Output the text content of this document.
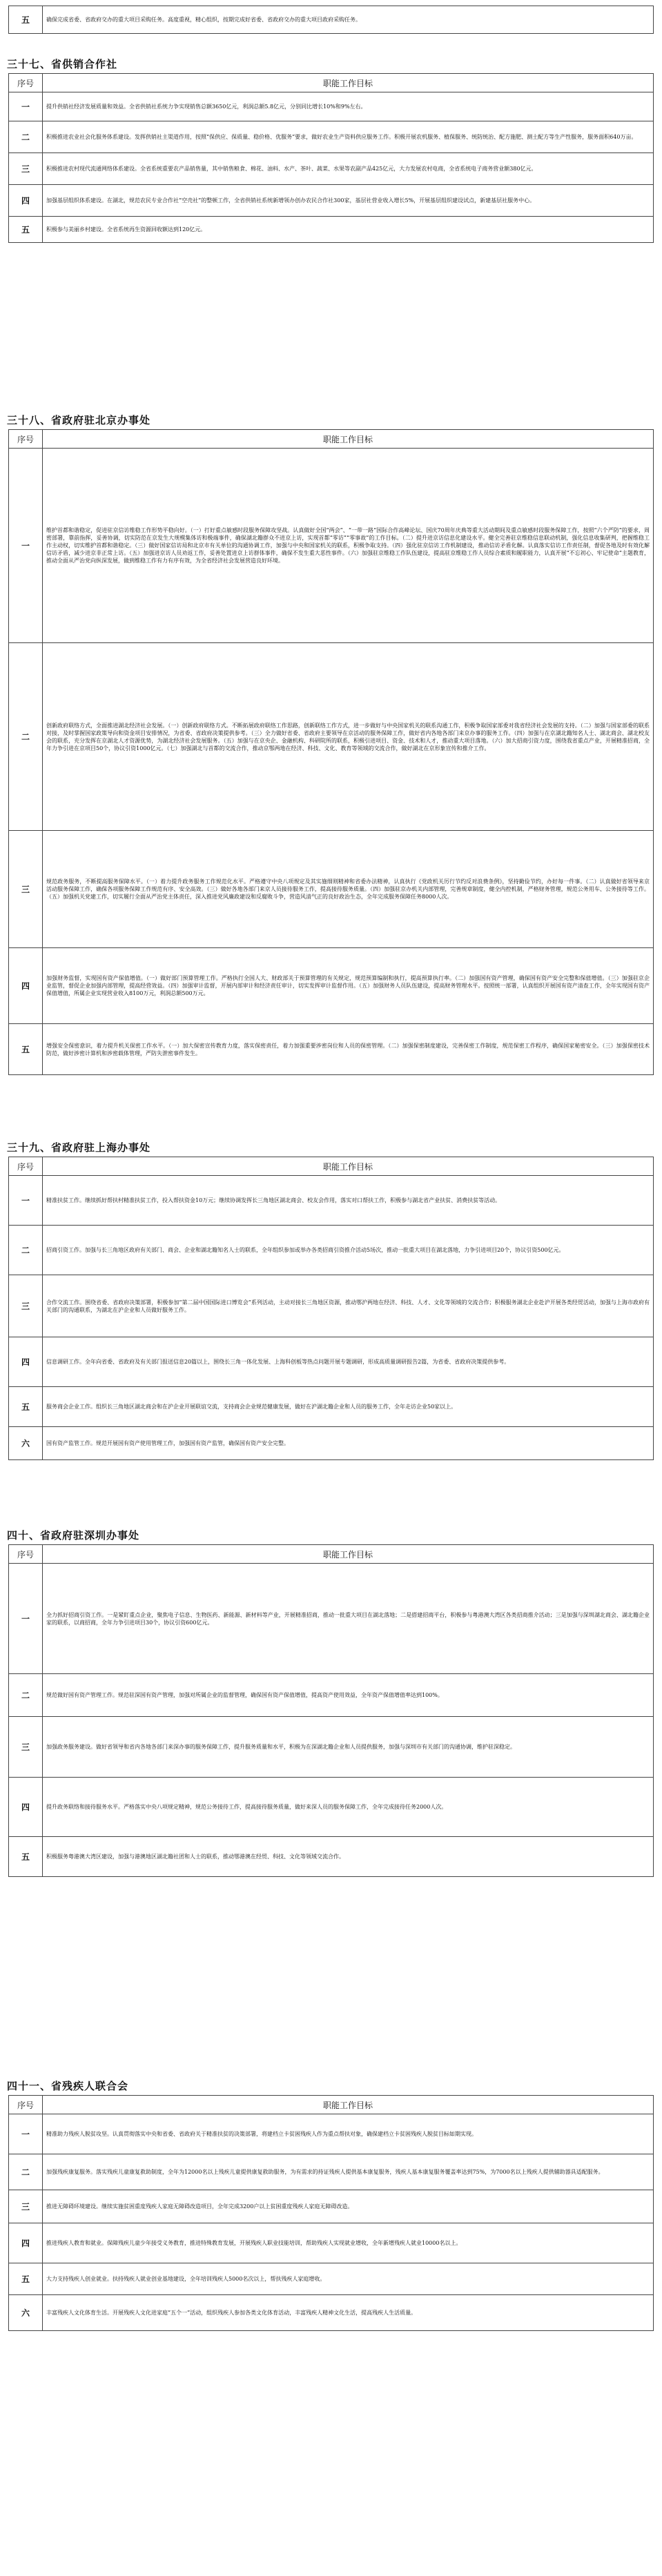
五	确保完成省委、省政府交办的重大项目采购任务。高度重视，精心组织，按期完成好省委、省政府交办的重大项目政府采购任务。
三十七、省供销合作社
序号	职能工作目标
一	提升供销社经济发展质量和效益。全省供销社系统力争实现销售总额3650亿元，利润总额5.8亿元，分别同比增长10%和9%左右。
二	积极推进农业社会化服务体系建设。发挥供销社主渠道作用，按照“保供应、保质量、稳价格、优服务”要求，做好农业生产资料供应服务工作。积极开展农机服务、植保服务、统防统治、配方施肥、测土配方等生产性服务，服务面积640万亩。
三	积极推进农村现代流通网络体系建设。全省系统重要农产品销售量，其中销售粮食、棉花、油料、水产、茶叶、蔬菜、水果等农副产品425亿元，大力发展农村电商，全省系统电子商务营业额380亿元。
四	加强基层组织体系建设。在湖北，规范农民专业合作社“空壳社”的整顿工作，全省供销社系统新增领办创办农民合作社300家，基层社营业收入增长5%，开展基层组织建设试点，新建基层社服务中心。
五	积极参与美丽乡村建设。全省系统再生资源回收额达到120亿元。
三十八、省政府驻北京办事处
序号	职能工作目标
一	维护首都和谐稳定，促进驻京信访维稳工作形势平稳向好。（一）打好重点敏感时段服务保障攻坚战。认真做好全国“两会”、“一带一路”国际合作高峰论坛、国庆70周年庆典等重大活动期间及重点敏感时段服务保障工作，按照“六个严防”的要求，周密部署，靠前指挥，妥善协调，切实防范在京发生大规模集体访和极端事件，确保湖北籍群众不进京上访，实现首都“零访”“零事故”的工作目标。（二）提升进京访信息化建设水平。健全完善驻京维稳信息联动机制，强化信息收集研判，把握维稳工作主动权，切实维护首都和谐稳定。（三）做好国家信访局和北京市有关单位的沟通协调工作，加强与中央和国家机关的联系，积极争取支持。（四）强化驻京信访工作机制建设，推动信访矛盾化解。认真落实信访工作责任制，督促各地及时有效化解信访矛盾，减少进京非正常上访。（五）加强进京访人员劝返工作，妥善处置进京上访群体事件，确保不发生重大恶性事件。（六）加强驻京维稳工作队伍建设，提高驻京维稳工作人员综合素质和履职能力，认真开展“不忘初心、牢记使命”主题教育，推动全面从严治党向纵深发展，做到维稳工作有力有序有效，为全省经济社会发展营造良好环境。
二	创新政府联络方式，全面推进湖北经济社会发展。（一）创新政府联络方式。不断拓展政府联络工作思路，创新联络工作方式，进一步做好与中央国家机关的联系沟通工作，积极争取国家部委对我省经济社会发展的支持。（二）加强与国家部委的联系对接，及时掌握国家政策导向和资金项目安排情况，为省委、省政府决策提供参考。（三）全力做好省委、省政府主要领导在京活动的服务保障工作，做好省内各地各部门来京办事的服务工作。（四）加强与在京湖北籍知名人士、湖北商会、湖北校友会的联系，充分发挥在京湖北人才资源优势，为湖北经济社会发展服务。（五）加强与在京央企、金融机构、科研院所的联系，积极引进项目、资金、技术和人才，推动重大项目落地。（六）加大招商引资力度，围绕我省重点产业，开展精准招商，全年力争引进在京项目50个，协议引资1000亿元。（七）加强湖北与首都的交流合作，推动京鄂两地在经济、科技、文化、教育等领域的交流合作，做好湖北在京形象宣传和推介工作。
三	规范政务服务，不断提高服务保障水平。（一）着力提升政务服务工作规范化水平。严格遵守中央八项规定及其实施细则精神和省委办法精神，认真执行《党政机关厉行节约反对浪费条例》，坚持勤俭节约，办好每一件事。（二）认真做好省领导来京活动服务保障工作，确保各项服务保障工作规范有序、安全高效。（三）做好各地各部门来京人员接待服务工作，提高接待服务质量。（四）加强驻京办机关内部管理，完善规章制度，健全内控机制，严格财务管理，规范公务用车、公务接待等工作。（五）加强机关党建工作，切实履行全面从严治党主体责任，深入推进党风廉政建设和反腐败斗争，营造风清气正的良好政治生态，全年完成服务保障任务8000人次。
四	加强财务监督，实现国有资产保值增值。（一）做好部门预算管理工作。严格执行全国人大、财政部关于预算管理的有关规定，规范预算编制和执行，提高预算执行率。（二）加强国有资产管理，确保国有资产安全完整和保值增值。（三）加强驻京企业监管，督促企业加强内部管理，提高经营效益。（四）加强审计监督，开展内部审计和经济责任审计，切实发挥审计监督作用。（五）加强财务人员队伍建设，提高财务管理水平。按照统一部署，认真组织开展国有资产清查工作，全年实现国有资产保值增值，所属企业实现营业收入8100万元，利润总额500万元。
五	增强安全保密意识，着力提升机关保密工作水平。（一）加大保密宣传教育力度，落实保密责任，着力加强重要涉密岗位和人员的保密管理。（二）加强保密制度建设，完善保密工作制度，规范保密工作程序，确保国家秘密安全。（三）加强保密技术防范，做好涉密计算机和涉密载体管理，严防失泄密事件发生。
三十九、省政府驻上海办事处
序号	职能工作目标
一	精准扶贫工作。继续抓好帮扶村精准扶贫工作，投入帮扶资金10万元；继续协调发挥长三角地区湖北商会、校友会作用，落实对口帮扶工作，积极参与湖北省产业扶贫、消费扶贫等活动。
二	招商引资工作。加强与长三角地区政府有关部门、商会、企业和湖北籍知名人士的联系，全年组织参加或举办各类招商引资推介活动5场次，推动一批重大项目在湖北落地，力争引进项目20个，协议引资500亿元。
三	合作交流工作。围绕省委、省政府决策部署，积极参加“第二届中国国际进口博览会”系列活动，主动对接长三角地区资源，推动鄂沪两地在经济、科技、人才、文化等领域的交流合作；积极服务湖北企业赴沪开展各类经贸活动，加强与上海市政府有关部门的沟通联系，为湖北在沪企业和人员做好服务工作。
四	信息调研工作。全年向省委、省政府及有关部门报送信息20篇以上，围绕长三角一体化发展、上海科创板等热点问题开展专题调研，形成高质量调研报告2篇，为省委、省政府决策提供参考。
五	服务商会企业工作。组织长三角地区湖北商会和在沪企业开展联谊交流，支持商会企业规范健康发展，做好在沪湖北籍企业和人员的服务工作，全年走访企业50家以上。
六	国有资产监管工作。规范开展国有资产使用管理工作，加强国有资产监管，确保国有资产安全完整。
四十、省政府驻深圳办事处
序号	职能工作目标
一	全力抓好招商引资工作。一是紧盯重点企业，聚焦电子信息、生物医药、新能源、新材料等产业，开展精准招商，推动一批重大项目在湖北落地；二是搭建招商平台，积极参与粤港澳大湾区各类招商推介活动；三是加强与深圳湖北商会、湖北籍企业家的联系，以商招商，全年力争引进项目30个，协议引资600亿元。
二	规范做好国有资产管理工作。规范驻深国有资产管理，加强对所属企业的监督管理，确保国有资产保值增值，提高资产使用效益，全年资产保值增值率达到100%。
三	加强政务服务建设。做好省领导和省内各地各部门来深办事的服务保障工作，提升服务质量和水平，积极为在深湖北籍企业和人员提供服务，加强与深圳市有关部门的沟通协调，维护驻深稳定。
四	提升政务联络和接待服务水平。严格落实中央八项规定精神，规范公务接待工作，提高接待服务质量，做好来深人员的服务保障工作，全年完成接待任务2000人次。
五	积极服务粤港澳大湾区建设，加强与港澳地区湖北籍社团和人士的联系，推动鄂港澳在经贸、科技、文化等领域交流合作。
四十一、省残疾人联合会
序号	职能工作目标
一	精准助力残疾人脱贫攻坚。认真贯彻落实中央和省委、省政府关于精准扶贫的决策部署，将建档立卡贫困残疾人作为重点帮扶对象，确保建档立卡贫困残疾人脱贫目标如期实现。
二	加强残疾康复服务。落实残疾儿童康复救助制度，全年为12000名以上残疾儿童提供康复救助服务，为有需求的持证残疾人提供基本康复服务，残疾人基本康复服务覆盖率达到75%，为7000名以上残疾人提供辅助器具适配服务。
三	推进无障碍环境建设。继续实施贫困重度残疾人家庭无障碍改造项目，全年完成3200户以上贫困重度残疾人家庭无障碍改造。
四	推进残疾人教育和就业。保障残疾儿童少年接受义务教育，推进特殊教育发展，开展残疾人职业技能培训，帮助残疾人实现就业增收，全年新增残疾人就业10000名以上。
五	大力支持残疾人创业就业。扶持残疾人就业创业基地建设，全年培训残疾人5000名次以上，帮扶残疾人家庭增收。
六	丰富残疾人文化体育生活。开展残疾人文化进家庭“五个一”活动，组织残疾人参加各类文化体育活动，丰富残疾人精神文化生活，提高残疾人生活质量。
